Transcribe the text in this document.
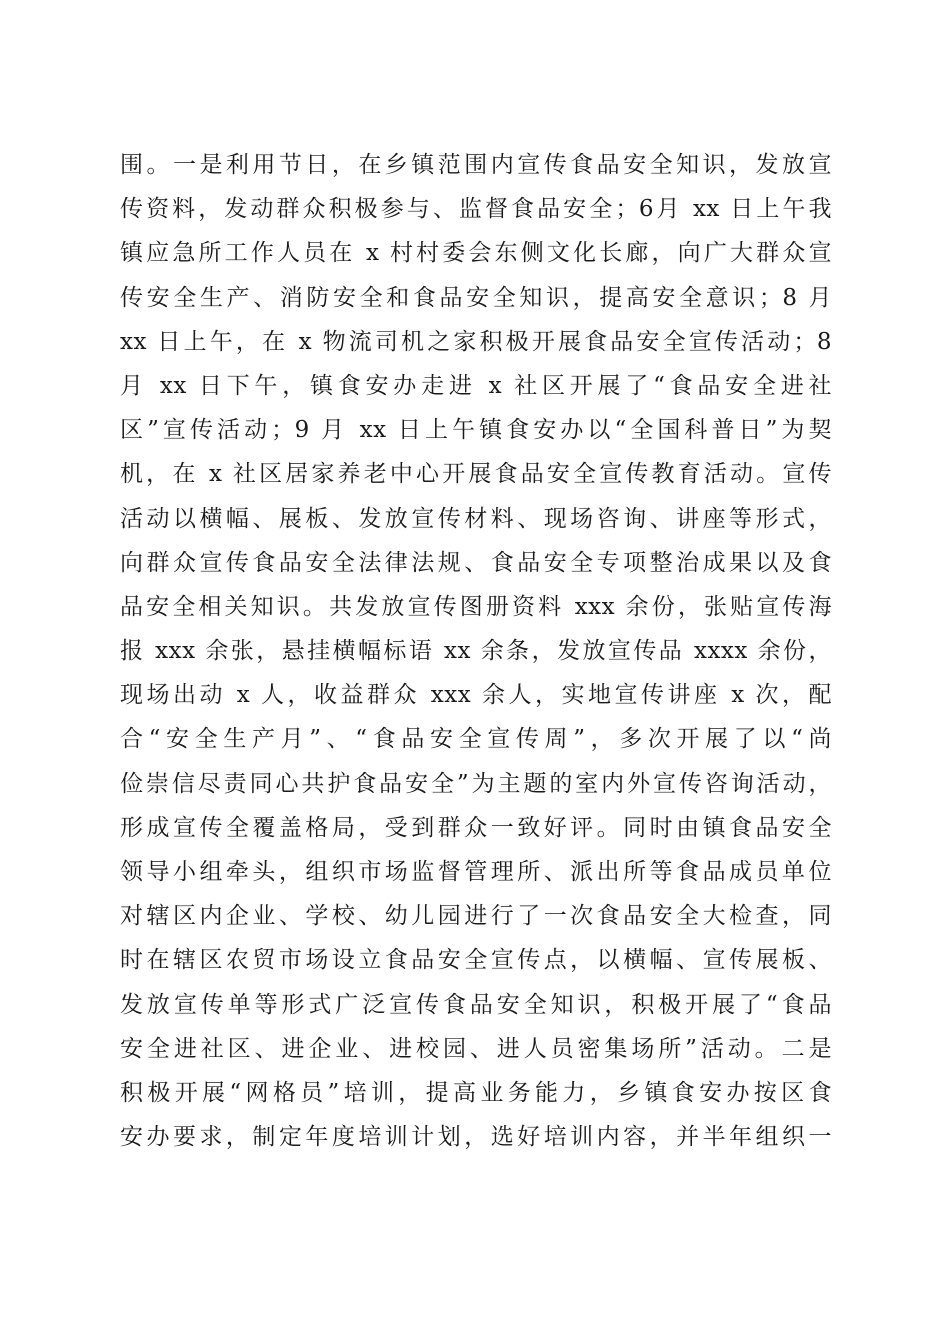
围。一是利用节日，在乡镇范围内宣传食品安全知识，发放宣
传资料，发动群众积极参与、监督食品安全；6月 xx 日上午我
镇应急所工作人员在 x 村村委会东侧文化长廊，向广大群众宣
传安全生产、消防安全和食品安全知识，提高安全意识；8 月
xx 日上午，在 x 物流司机之家积极开展食品安全宣传活动；8
月 xx 日下午，镇食安办走进 x 社区开展了“食品安全进社
区”宣传活动；9 月 xx 日上午镇食安办以“全国科普日”为契
机，在 x 社区居家养老中心开展食品安全宣传教育活动。宣传
活动以横幅、展板、发放宣传材料、现场咨询、讲座等形式，
向群众宣传食品安全法律法规、食品安全专项整治成果以及食
品安全相关知识。共发放宣传图册资料 xxx 余份，张贴宣传海
报 xxx 余张，悬挂横幅标语 xx 余条，发放宣传品 xxxx 余份，
现场出动 x 人，收益群众 xxx 余人，实地宣传讲座 x 次，配
合“安全生产月”、“食品安全宣传周”，多次开展了以“尚
俭崇信尽责同心共护食品安全”为主题的室内外宣传咨询活动，
形成宣传全覆盖格局，受到群众一致好评。同时由镇食品安全
领导小组牵头，组织市场监督管理所、派出所等食品成员单位
对辖区内企业、学校、幼儿园进行了一次食品安全大检查，同
时在辖区农贸市场设立食品安全宣传点，以横幅、宣传展板、
发放宣传单等形式广泛宣传食品安全知识，积极开展了“食品
安全进社区、进企业、进校园、进人员密集场所”活动。二是
积极开展“网格员”培训，提高业务能力，乡镇食安办按区食
安办要求，制定年度培训计划，选好培训内容，并半年组织一
